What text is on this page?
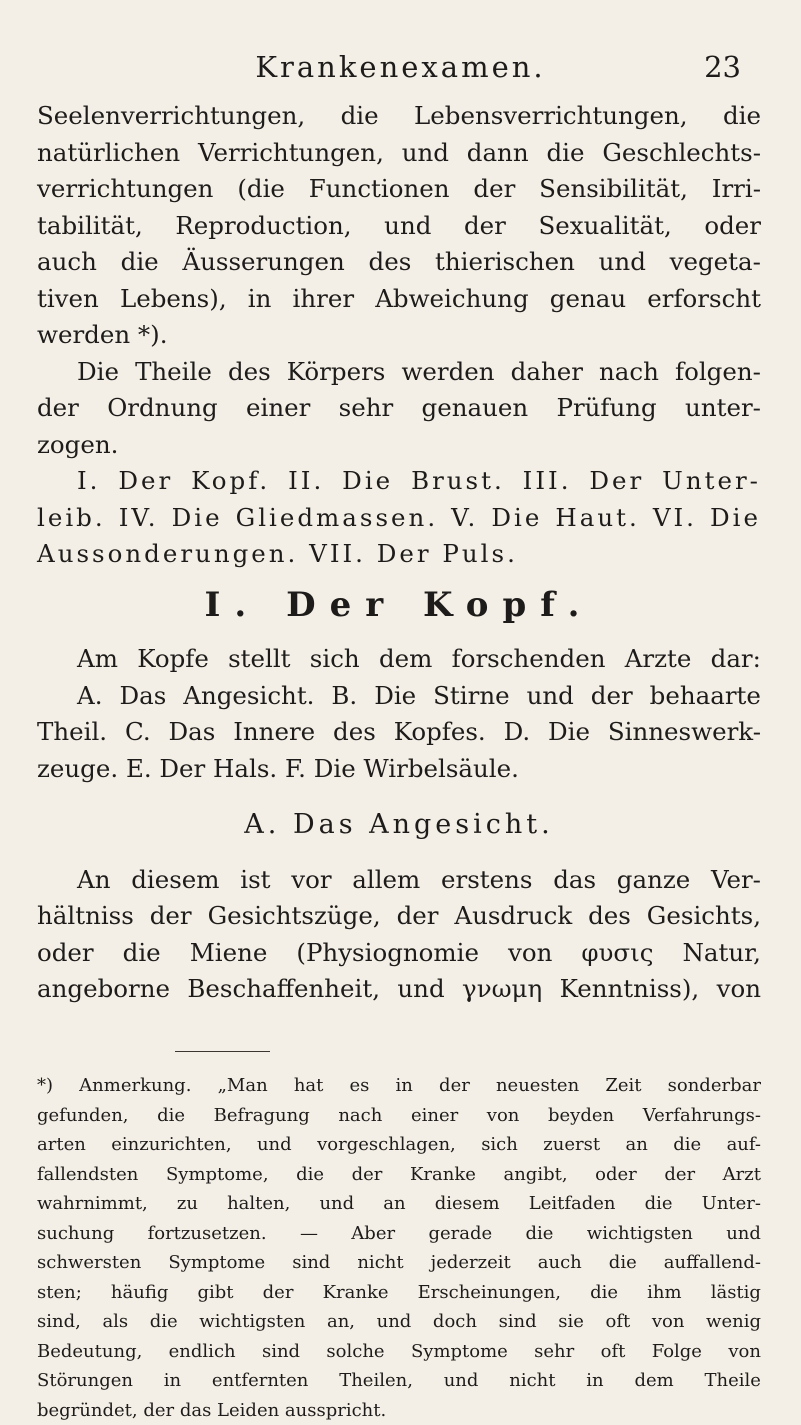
Krankenexamen.	23
Seelenverrichtungen, die Lebensverrichtungen, die
natürlichen Verrichtungen, und dann die Geschlechts-
verrichtungen (die Functionen der Sensibilität, Irri-
tabilität, Reproduction, und der Sexualität, oder
auch die Äusserungen des thierischen und vegeta-
tiven Lebens), in ihrer Abweichung genau erforscht
werden *).
Die Theile des Körpers werden daher nach folgen-
der Ordnung einer sehr genauen Prüfung unter-
zogen.
I. Der Kopf. II. Die Brust. III. Der Unter-
leib. IV. Die Gliedmassen. V. Die Haut. VI. Die
Aussonderungen. VII. Der Puls.
I. Der Kopf.
Am Kopfe stellt sich dem forschenden Arzte dar:
A. Das Angesicht. B. Die Stirne und der behaarte
Theil. C. Das Innere des Kopfes. D. Die Sinneswerk-
zeuge. E. Der Hals. F. Die Wirbelsäule.
A. Das Angesicht.
An diesem ist vor allem erstens das ganze Ver-
hältniss der Gesichtszüge, der Ausdruck des Gesichts,
oder die Miene (Physiognomie von φυσις Natur,
angeborne Beschaffenheit, und γνωμη Kenntniss), von
*) Anmerkung. „Man hat es in der neuesten Zeit sonderbar
gefunden, die Befragung nach einer von beyden Verfahrungs-
arten einzurichten, und vorgeschlagen, sich zuerst an die auf-
fallendsten Symptome, die der Kranke angibt, oder der Arzt
wahrnimmt, zu halten, und an diesem Leitfaden die Unter-
suchung fortzusetzen. — Aber gerade die wichtigsten und
schwersten Symptome sind nicht jederzeit auch die auffallend-
sten; häufig gibt der Kranke Erscheinungen, die ihm lästig
sind, als die wichtigsten an, und doch sind sie oft von wenig
Bedeutung, endlich sind solche Symptome sehr oft Folge von
Störungen in entfernten Theilen, und nicht in dem Theile
begründet, der das Leiden ausspricht.
